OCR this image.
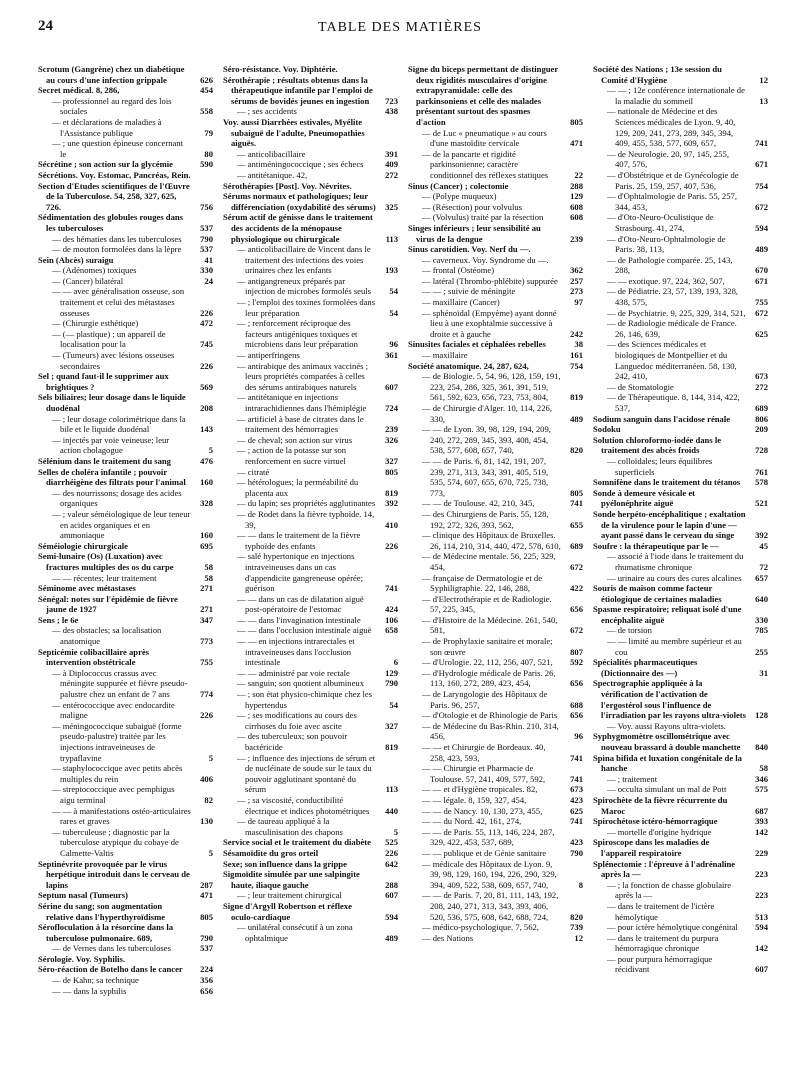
24	TABLE DES MATIÈRES
Scrotum (Gangrène) chez un diabétique au cours d'une infection grippale	626
Secret médical. 8, 286,	454
— professionnel au regard des lois sociales	558
— et déclarations de maladies à l'Assistance publique	79
— ; une question épineuse concernant le	80
Sécrétine ; son action sur la glycémie	590
Sécrétions. Voy. Estomac, Pancréas, Rein.
Section d'Etudes scientifiques de l'Œuvre de la Tuberculose. 54, 258, 327, 625, 726.	756
Sédimentation des globules rouges dans les tuberculoses	537
— des hématies dans les tuberculoses	790
— de mouton formolées dans la lèpre	537
Sein (Abcès) suraigu	41
— (Adénomes) toxiques	330
— (Cancer) bilatéral	24
— — avec généralisation osseuse, son traitement et celui des métastases osseuses	226
— (Chirurgie esthétique)	472
— (— plastique) ; un appareil de localisation pour la	745
— (Tumeurs) avec lésions osseuses secondaires	226
Sel ; quand faut-il le supprimer aux brightiques ?	569
Sels biliaires; leur dosage dans le liquide duodénal	208
— ; leur dosage colorimétrique dans la bile et le liquide duodénal	143
— injectés par voie veineuse; leur action cholagogue	5
Sélénium dans le traitement du sang	476
Selles de choléra infantile ; pouvoir diarrhéigène des filtrats pour l'animal	160
— des nourrissons; dosage des acides organiques	328
— ; valeur séméiologique de leur teneur en acides organiques et en ammoniaque	160
Séméiologie chirurgicale	695
Semi-lunaire (Os) (Luxation) avec fractures multiples des os du carpe	58
— — récentes; leur traitement	58
Séminome avec métastases	271
Sénégal: notes sur l'épidémie de fièvre jaune de 1927	271
Sens ; le 6e	347
— des obstacles; sa localisation anatomique	773
Septicémie colibacillaire après intervention obstétricale	755
— à Diplococcus crassus avec méningite suppurée et fièvre pseudo-palustre chez un enfant de 7 ans	774
— entérococcique avec endocardite maligne	226
— méningococcique subaiguë (forme pseudo-palustre) traitée par les injections intraveineuses de trypaflavine	5
— staphylococcique avec petits abcès multiples du rein	406
— streptococcique avec pemphigus aigu terminal	82
— — à manifestations ostéo-articulaires rares et graves	130
— tuberculeuse ; diagnostic par la tuberculose atypique du cobaye de Calmette-Valtis	5
Septinévrite provoquée par le virus herpétique introduit dans le cerveau de lapins	287
Septum nasal (Tumeurs)	471
Sérine du sang; son augmentation relative dans l'hyperthyroïdisme	805
Sérofloculation à la résorcine dans la tuberculose pulmonaire. 689,	790
— de Vernes dans les tuberculoses	537
Sérologie. Voy. Syphilis.
Séro-réaction de Botelho dans le cancer	224
— de Kahn; sa technique	356
— — dans la syphilis	656
Séro-résistance. Voy. Diphtérie.
Sérothérapie ; résultats obtenus dans la thérapeutique infantile par l'emploi de sérums de bovidés jeunes en ingestion	723
— ; ses accidents	438
Voy. aussi Diarrhées estivales, Myélite subaiguë de l'adulte, Pneumopathies aiguës.
— anticolibacillaire	391
— antiméningococcique ; ses échecs	409
— antitétanique. 42,	272
Sérothérapies [Post]. Voy. Névrites.
Sérums normaux et pathologiques; leur différenciation (oxydabilité des sérums)	325
Sérum actif de génisse dans le traitement des accidents de la ménopause physiologique ou chirurgicale	113
— anticolibacillaire de Vincent dans le traitement des infections des voies urinaires chez les enfants	193
— antigangreneux préparés par injection de microbes formolés seuls	54
— ; l'emploi des toxines formolées dans leur préparation	54
— ; renforcement réciproque des facteurs antigéniques toxiques et microbiens dans leur préparation	96
— antiperfringens	361
— antirabique des animaux vaccinés ; leurs propriétés comparées à celles des sérums antirabiques naturels	607
— antitétanique en injections intrarachidiennes dans l'hémiplégie	724
— artificiel à base de citrates dans le traitement des hémorragies	239
— de cheval; son action sur virus	326
— ; action de la potasse sur son renforcement en sucre virtuel	327
— citraté	805
— hétérologues; la perméabilité du placenta aux	819
— du lapin; ses propriétés agglutinantes	392
— de Rodet dans la fièvre typhoïde. 14, 39,	410
— — dans le traitement de la fièvre typhoïde des enfants	226
— salé hypertonique en injections intraveineuses dans un cas d'appendicite gangreneuse opérée; guérison	741
— — dans un cas de dilatation aiguë post-opératoire de l'estomac	424
— — dans l'invagination intestinale	106
— — dans l'occlusion intestinale aiguë	658
— — en injections intrarectales et intraveineuses dans l'occlusion intestinale	6
— — administré par voie rectale	129
— sanguin; son quotient albumineux	790
— ; son état physico-chimique chez les hypertendus	54
— ; ses modifications au cours des cirrhoses du foie avec ascite	327
— des tuberculeux; son pouvoir bactéricide	819
— ; influence des injections de sérum et de nucléinate de soude sur le taux du pouvoir agglutinant spontané du sérum	113
— ; sa viscosité, conductibilité électrique et indices photométriques	440
— de taureau appliqué à la masculinisation des chapons	5
Service social et le traitement du diabète	525
Sésamoïdite du gros orteil	226
Sexe; son influence dans la grippe	642
Sigmoïdite simulée par une salpingite haute, iliaque gauche	288
— ; leur traitement chirurgical	607
Signe d'Argyll Robertson et réflexe oculo-cardiaque	594
— unilatéral consécutif à un zona ophtalmique	489
Signe du biceps permettant de distinguer deux rigidités musculaires d'origine extrapyramidale: celle des parkinsoniens et celle des malades présentant surtout des spasmes d'action	805
— de Luc « pneumatique » au cours d'une mastoïdite cervicale	471
— de la pancarte et rigidité parkinsonienne; caractère conditionnel des réflexes statiques	22
Sinus (Cancer) ; colectomie	288
— (Polype muqueux)	129
— (Résection) pour volvulus	608
— (Volvulus) traité par la résection	608
Singes inférieurs ; leur sensibilité au virus de la dengue	239
Sinus carotidien. Voy. Nerf du —.
— caverneux. Voy. Syndrome du —.
— frontal (Ostéome)	362
— latéral (Thrombo-phlébite) suppurée	257
— — ; suivie de méningite	273
— maxillaire (Cancer)	97
— sphénoïdal (Empyème) ayant donné lieu à une exophtalmie successive à droite et à gauche	242
Sinusites faciales et céphalées rebelles	38
— maxillaire	161
Société anatomique. 24, 287, 624,	754
— de Biologie. 5, 54, 96, 128, 159, 191, 223, 254, 286, 325, 361, 391, 519, 561, 592, 623, 656, 723, 753, 804,	819
— de Chirurgie d'Alger. 10, 114, 226, 330,	489
— — de Lyon. 39, 98, 129, 194, 209, 240, 272, 289, 345, 393, 408, 454, 538, 577, 608, 657, 740,	820
— — de Paris. 6, 81, 142, 191, 207, 239, 271, 313, 343, 391, 405, 519, 535, 574, 607, 655, 670, 725, 738, 773,	805
— — de Toulouse. 42, 210, 345,	741
— des Chirurgiens de Paris. 55, 128, 192, 272, 326, 393, 562,	655
— clinique des Hôpitaux de Bruxelles. 26, 114, 210, 314, 440, 472, 578, 610,	689
— de Médecine mentale. 56, 225, 329, 454,	672
— française de Dermatologie et de Syphiligraphie. 22, 146, 288,	422
— d'Electrothérapie et de Radiologie. 57, 225, 345,	656
— d'Histoire de la Médecine. 261, 540, 581,	672
— de Prophylaxie sanitaire et morale; son œuvre	807
— d'Urologie. 22, 112, 256, 407, 521,	592
— d'Hydrologie médicale de Paris. 26, 113, 160, 272, 289, 423, 454,	656
— de Laryngologie des Hôpitaux de Paris. 96, 257,	688
— d'Otologie et de Rhinologie de Paris	656
— de Médecine du Bas-Rhin. 210, 314, 456,	96
— — et Chirurgie de Bordeaux. 40, 258, 423, 593,	741
— — Chirurgie et Pharmacie de Toulouse. 57, 241, 409, 577, 592,	741
— — et d'Hygiène tropicales. 82,	673
— — légale. 8, 159, 327, 454,	423
— — de Nancy. 10, 130, 273, 455,	625
— — du Nord. 42, 161, 274,	741
— — de Paris. 55, 113, 146, 224, 287, 329, 422, 453, 537, 689,	423
— — publique et de Génie sanitaire	790
— médicale des Hôpitaux de Lyon. 9, 39, 98, 129, 160, 194, 226, 290, 329, 394, 409, 522, 538, 609, 657, 740,	8
— — de Paris. 7, 20, 81, 111, 143, 192, 208, 240, 271, 313, 343, 393, 406, 520, 536, 575, 608, 642, 688, 724,	820
— médico-psychologique. 7, 562,	739
— des Nations	12
Société des Nations ; 13e session du Comité d'Hygiène	12
— — ; 12e conférence internationale de la maladie du sommeil	13
— nationale de Médecine et des Sciences médicales de Lyon. 9, 40, 129, 209, 241, 273, 289, 345, 394, 409, 455, 538, 577, 609, 657,	741
— de Neurologie. 20, 97, 145, 255, 407, 576,	671
— d'Obstétrique et de Gynécologie de Paris. 25, 159, 257, 407, 536,	754
— d'Ophtalmologie de Paris. 55, 257, 344, 453,	672
— d'Oto-Neuro-Oculistique de Strasbourg. 41, 274,	594
— d'Oto-Neuro-Ophtalmologie de Paris. 38, 113,	489
— de Pathologie comparée. 25, 143, 288,	670
— — exotique. 97, 224, 362, 507,	671
— de Pédiatrie. 23, 57, 139, 193, 328, 438, 575,	755
— de Psychiatrie. 9, 225, 329, 314, 521,	672
— de Radiologie médicale de France. 26, 146, 639,	625
— des Sciences médicales et biologiques de Montpellier et du Languedoc méditerranéen. 58, 130, 242, 410,	673
— de Stomatologie	272
— de Thérapeutique. 8, 144, 314, 422, 537,	689
Sodium sanguin dans l'acidose rénale	806
Sodoku	209
Solution chloroformo-iodée dans le traitement des abcès froids	728
— colloïdales; leurs équilibres superficiels	761
Somnifène dans le traitement du tétanos	578
Sonde à demeure vésicale et pyélonéphrite aiguë	521
Sonde herpéto-encéphalitique ; exaltation de la virulence pour le lapin d'une — ayant passé dans le cerveau du singe	392
Soufre : la thérapeutique par le —	45
— associé à l'iode dans le traitement du rhumatisme chronique	72
— urinaire au cours des cures alcalines	657
Souris de maison comme facteur étiologique de certaines maladies	640
Spasme respiratoire; reliquat isolé d'une encéphalite aiguë	330
— de torsion	785
— — limité au membre supérieur et au cou	255
Spécialités pharmaceutiques (Dictionnaire des —)	31
Spectrographie appliquée à la vérification de l'activation de l'ergostérol sous l'influence de l'irradiation par les rayons ultra-violets	128
— Voy. aussi Rayons ultra-violets.
Syphygmomètre oscillométrique avec nouveau brassard à double manchette	840
Spina bifida et luxation congénitale de la hanche	58
— ; traitement	346
— occulta simulant un mal de Pott	575
Spirochète de la fièvre récurrente du Maroc	687
Spirochétose ictéro-hémorragique	393
— mortelle d'origine hydrique	142
Spiroscope dans les maladies de l'appareil respiratoire	229
Splénectomie : l'épreuve à l'adrénaline après la —	223
— ; la fonction de chasse globulaire après la —	223
— dans le traitement de l'ictère hémolytique	513
— pour ictère hémolytique congénital	594
— dans le traitement du purpura hémorragique chronique	142
— pour purpura hémorragique récidivant	607
